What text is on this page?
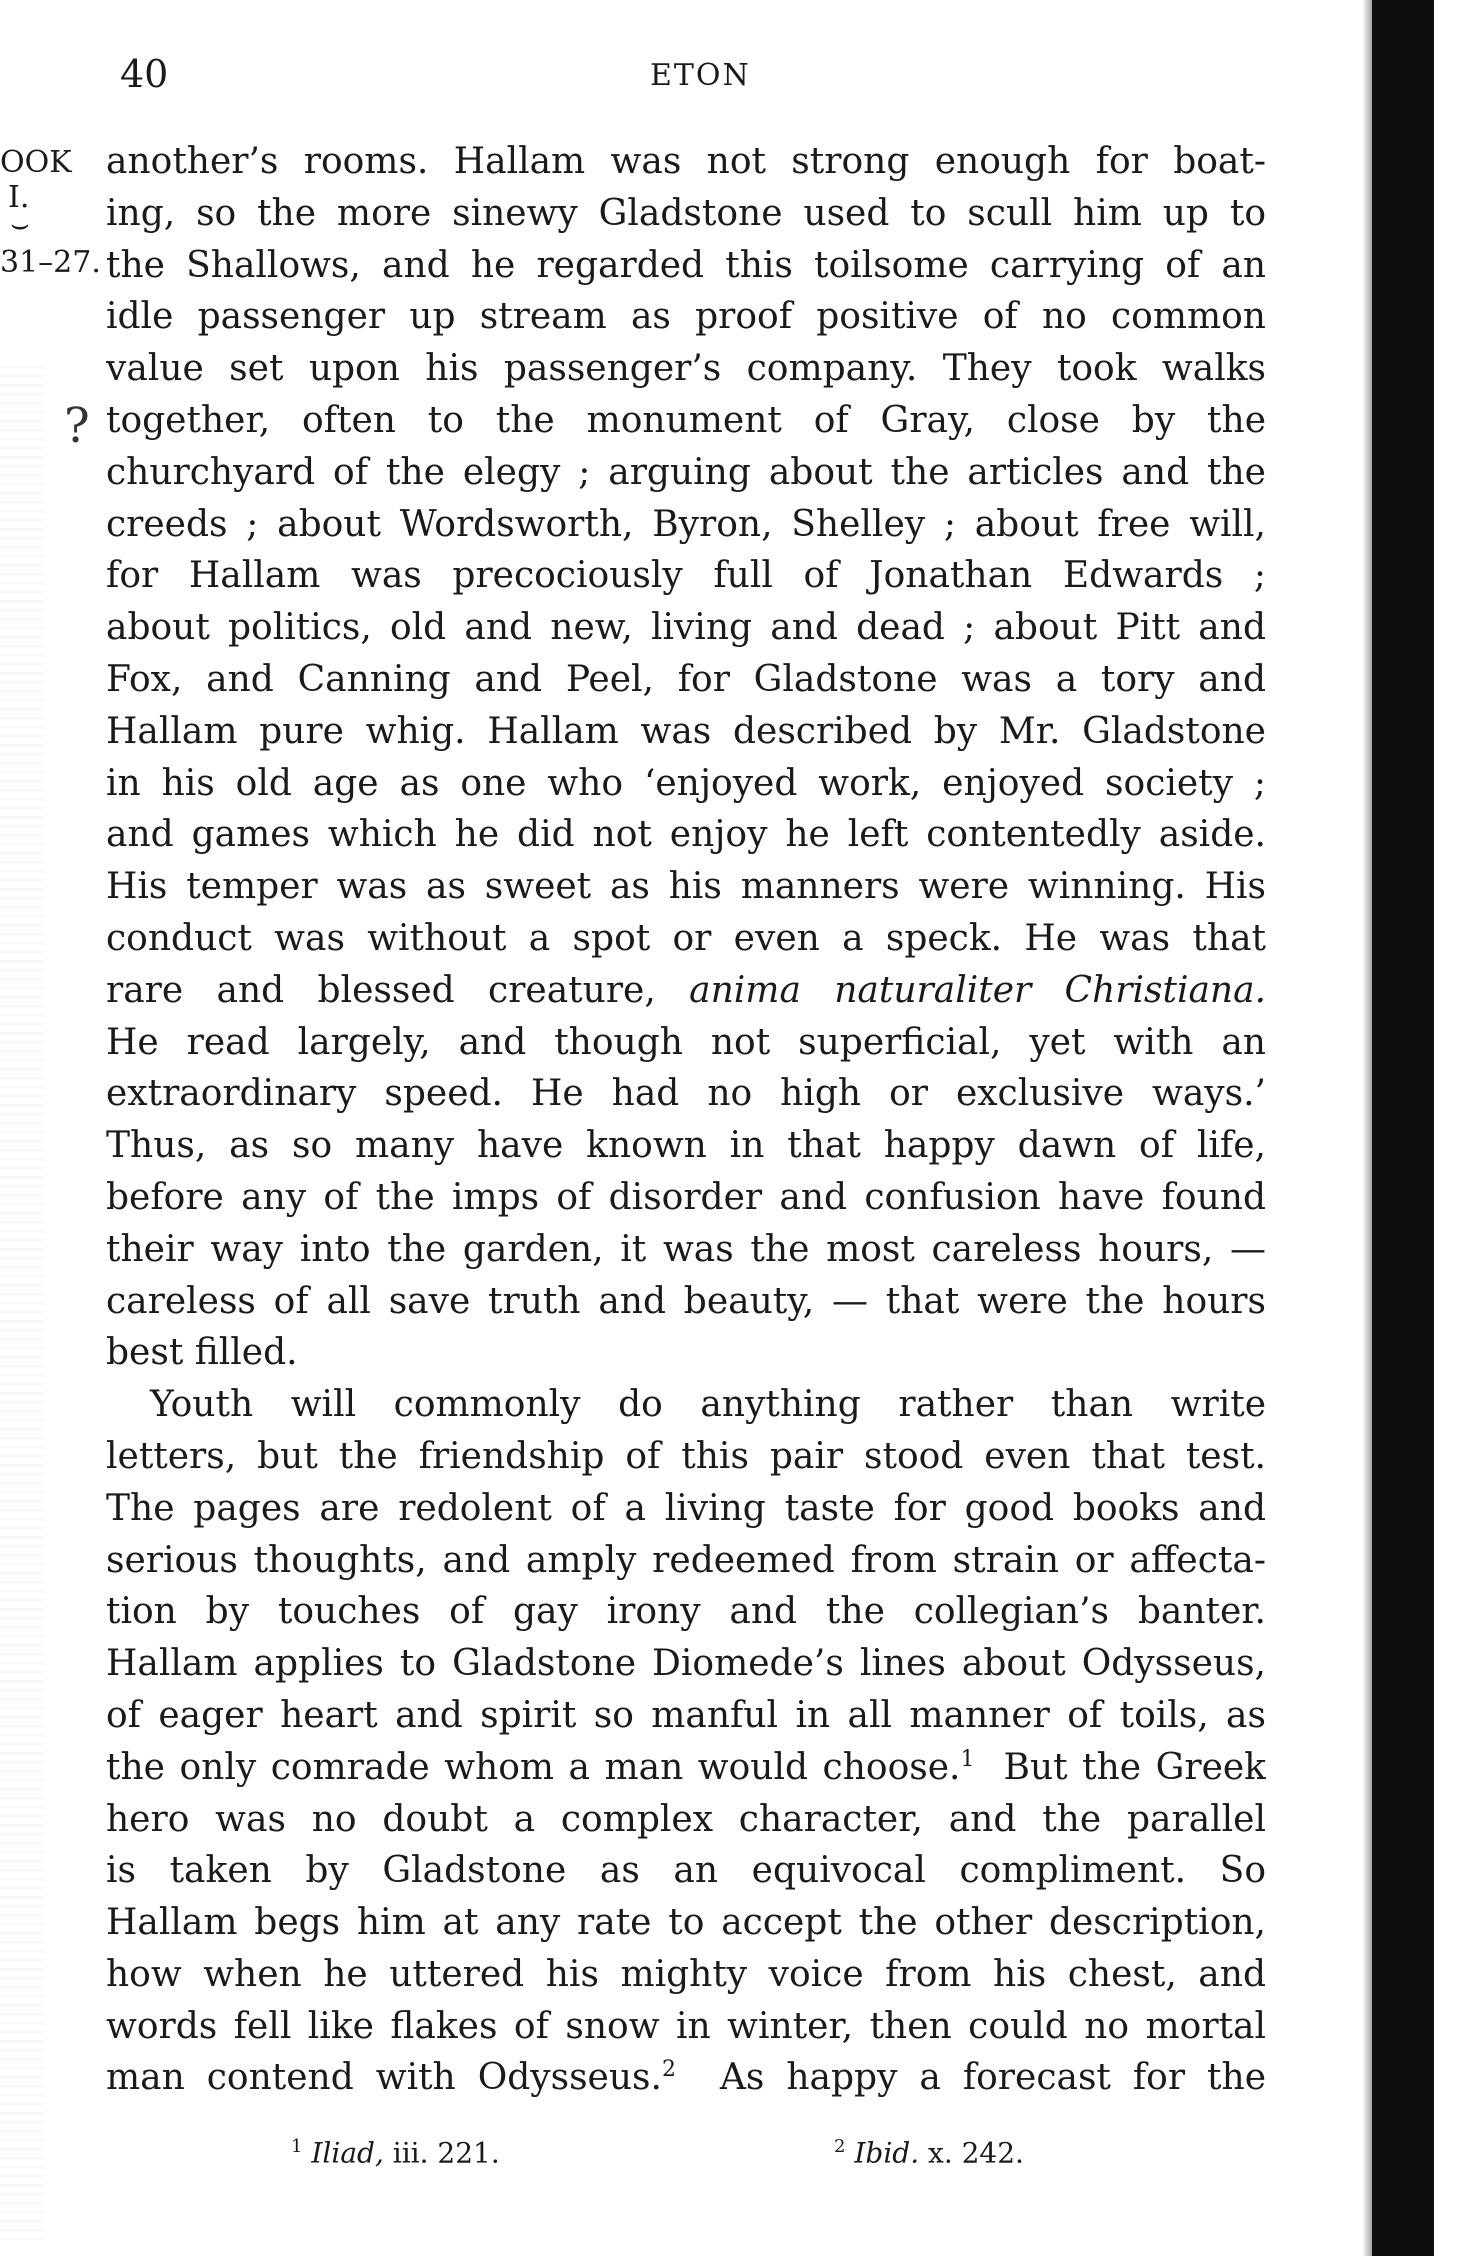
40	ETON
OOK
I.
⌣
31–27.
?
another’s rooms. Hallam was not strong enough for boat-
ing, so the more sinewy Gladstone used to scull him up to
the Shallows, and he regarded this toilsome carrying of an
idle passenger up stream as proof positive of no common
value set upon his passenger’s company. They took walks
together, often to the monument of Gray, close by the
churchyard of the elegy ; arguing about the articles and the
creeds ; about Wordsworth, Byron, Shelley ; about free will,
for Hallam was precociously full of Jonathan Edwards ;
about politics, old and new, living and dead ; about Pitt and
Fox, and Canning and Peel, for Gladstone was a tory and
Hallam pure whig. Hallam was described by Mr. Gladstone
in his old age as one who ‘enjoyed work, enjoyed society ;
and games which he did not enjoy he left contentedly aside.
His temper was as sweet as his manners were winning. His
conduct was without a spot or even a speck. He was that
rare and blessed creature, anima naturaliter Christiana.
He read largely, and though not superficial, yet with an
extraordinary speed. He had no high or exclusive ways.’
Thus, as so many have known in that happy dawn of life,
before any of the imps of disorder and confusion have found
their way into the garden, it was the most careless hours, —
careless of all save truth and beauty, — that were the hours
best filled.
Youth will commonly do anything rather than write
letters, but the friendship of this pair stood even that test.
The pages are redolent of a living taste for good books and
serious thoughts, and amply redeemed from strain or affecta-
tion by touches of gay irony and the collegian’s banter.
Hallam applies to Gladstone Diomede’s lines about Odysseus,
of eager heart and spirit so manful in all manner of toils, as
the only comrade whom a man would choose.$^1$  But the Greek
hero was no doubt a complex character, and the parallel
is taken by Gladstone as an equivocal compliment. So
Hallam begs him at any rate to accept the other description,
how when he uttered his mighty voice from his chest, and
words fell like flakes of snow in winter, then could no mortal
man contend with Odysseus.$^2$  As happy a forecast for the
$^1$ Iliad, iii. 221.	$^2$ Ibid. x. 242.
